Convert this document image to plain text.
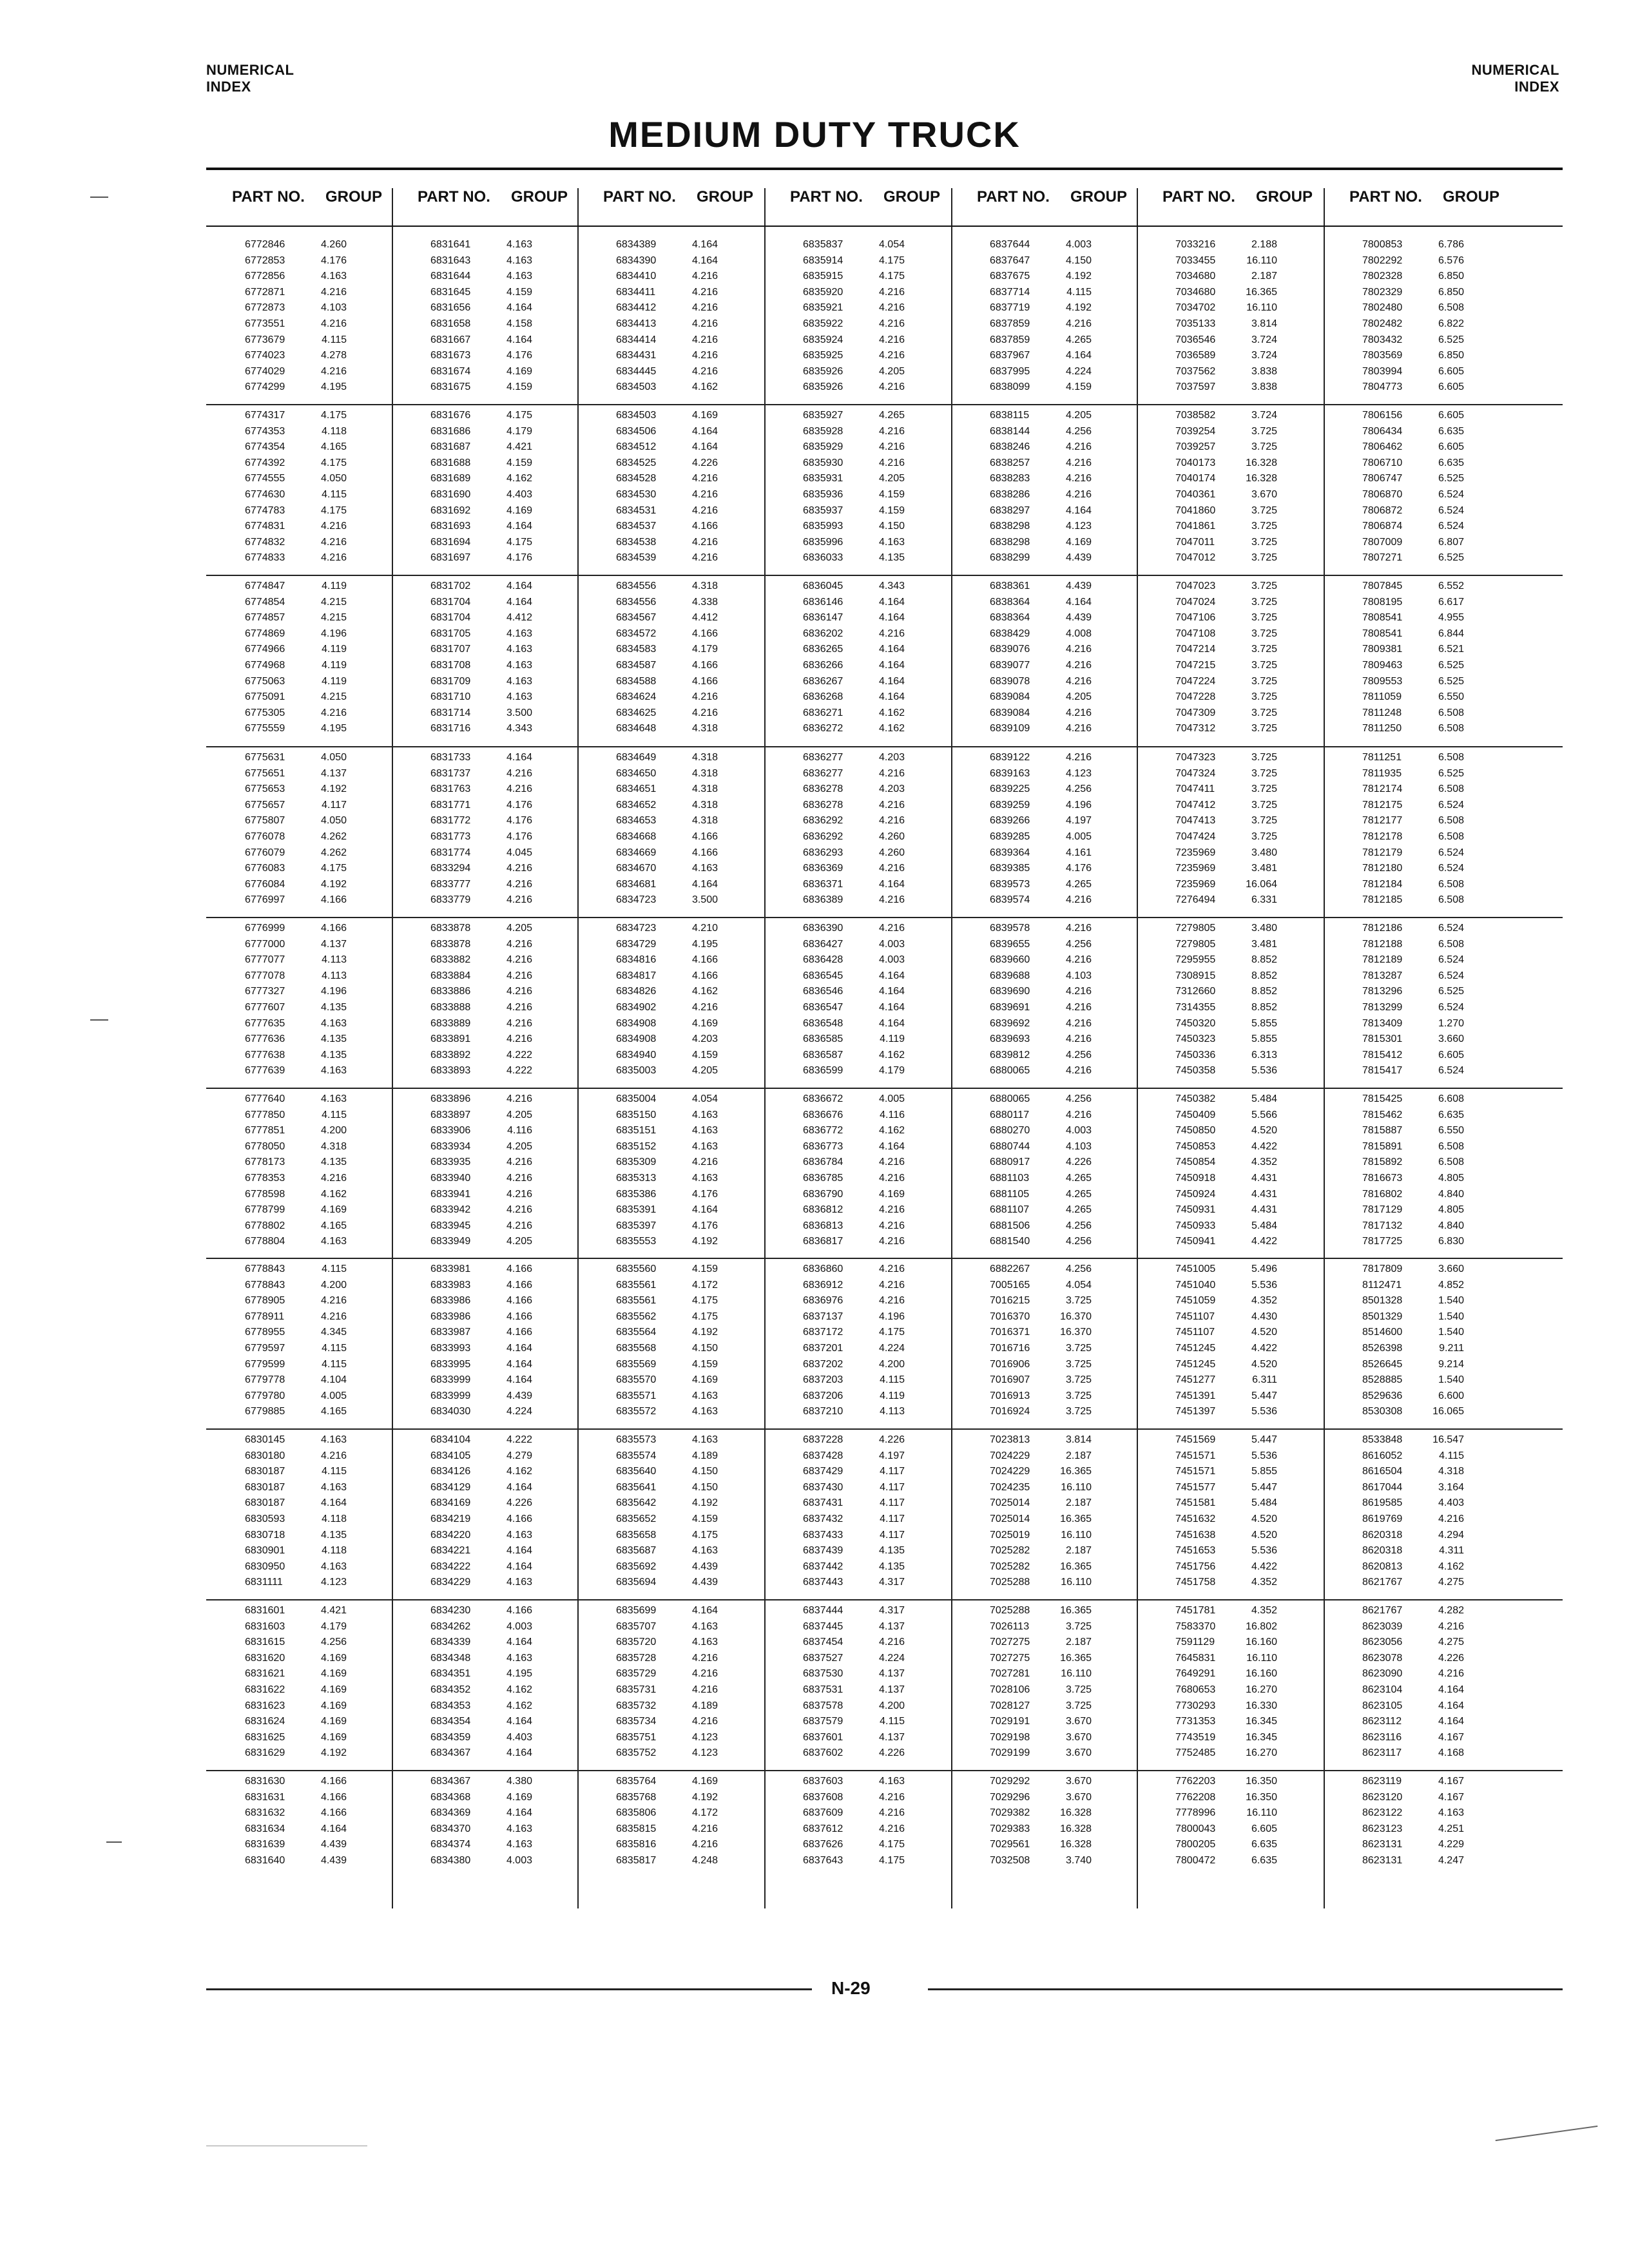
NUMERICAL
INDEX
NUMERICAL
INDEX
MEDIUM DUTY TRUCK
PART NO. GROUP PART NO. GROUP PART NO. GROUP PART NO. GROUP PART NO. GROUP PART NO. GROUP PART NO. GROUP
6772846	4.260
6772853	4.176
6772856	4.163
6772871	4.216
6772873	4.103
6773551	4.216
6773679	4.115
6774023	4.278
6774029	4.216
6774299	4.195
6774317	4.175
6774353	4.118
6774354	4.165
6774392	4.175
6774555	4.050
6774630	4.115
6774783	4.175
6774831	4.216
6774832	4.216
6774833	4.216
6774847	4.119
6774854	4.215
6774857	4.215
6774869	4.196
6774966	4.119
6774968	4.119
6775063	4.119
6775091	4.215
6775305	4.216
6775559	4.195
6775631	4.050
6775651	4.137
6775653	4.192
6775657	4.117
6775807	4.050
6776078	4.262
6776079	4.262
6776083	4.175
6776084	4.192
6776997	4.166
6776999	4.166
6777000	4.137
6777077	4.113
6777078	4.113
6777327	4.196
6777607	4.135
6777635	4.163
6777636	4.135
6777638	4.135
6777639	4.163
6777640	4.163
6777850	4.115
6777851	4.200
6778050	4.318
6778173	4.135
6778353	4.216
6778598	4.162
6778799	4.169
6778802	4.165
6778804	4.163
6778843	4.115
6778843	4.200
6778905	4.216
6778911	4.216
6778955	4.345
6779597	4.115
6779599	4.115
6779778	4.104
6779780	4.005
6779885	4.165
6830145	4.163
6830180	4.216
6830187	4.115
6830187	4.163
6830187	4.164
6830593	4.118
6830718	4.135
6830901	4.118
6830950	4.163
6831111	4.123
6831601	4.421
6831603	4.179
6831615	4.256
6831620	4.169
6831621	4.169
6831622	4.169
6831623	4.169
6831624	4.169
6831625	4.169
6831629	4.192
6831630	4.166
6831631	4.166
6831632	4.166
6831634	4.164
6831639	4.439
6831640	4.439
6831641	4.163
6831643	4.163
6831644	4.163
6831645	4.159
6831656	4.164
6831658	4.158
6831667	4.164
6831673	4.176
6831674	4.169
6831675	4.159
6831676	4.175
6831686	4.179
6831687	4.421
6831688	4.159
6831689	4.162
6831690	4.403
6831692	4.169
6831693	4.164
6831694	4.175
6831697	4.176
6831702	4.164
6831704	4.164
6831704	4.412
6831705	4.163
6831707	4.163
6831708	4.163
6831709	4.163
6831710	4.163
6831714	3.500
6831716	4.343
6831733	4.164
6831737	4.216
6831763	4.216
6831771	4.176
6831772	4.176
6831773	4.176
6831774	4.045
6833294	4.216
6833777	4.216
6833779	4.216
6833878	4.205
6833878	4.216
6833882	4.216
6833884	4.216
6833886	4.216
6833888	4.216
6833889	4.216
6833891	4.216
6833892	4.222
6833893	4.222
6833896	4.216
6833897	4.205
6833906	4.116
6833934	4.205
6833935	4.216
6833940	4.216
6833941	4.216
6833942	4.216
6833945	4.216
6833949	4.205
6833981	4.166
6833983	4.166
6833986	4.166
6833986	4.166
6833987	4.166
6833993	4.164
6833995	4.164
6833999	4.164
6833999	4.439
6834030	4.224
6834104	4.222
6834105	4.279
6834126	4.162
6834129	4.164
6834169	4.226
6834219	4.166
6834220	4.163
6834221	4.164
6834222	4.164
6834229	4.163
6834230	4.166
6834262	4.003
6834339	4.164
6834348	4.163
6834351	4.195
6834352	4.162
6834353	4.162
6834354	4.164
6834359	4.403
6834367	4.164
6834367	4.380
6834368	4.169
6834369	4.164
6834370	4.163
6834374	4.163
6834380	4.003
6834389	4.164
6834390	4.164
6834410	4.216
6834411	4.216
6834412	4.216
6834413	4.216
6834414	4.216
6834431	4.216
6834445	4.216
6834503	4.162
6834503	4.169
6834506	4.164
6834512	4.164
6834525	4.226
6834528	4.216
6834530	4.216
6834531	4.216
6834537	4.166
6834538	4.216
6834539	4.216
6834556	4.318
6834556	4.338
6834567	4.412
6834572	4.166
6834583	4.179
6834587	4.166
6834588	4.166
6834624	4.216
6834625	4.216
6834648	4.318
6834649	4.318
6834650	4.318
6834651	4.318
6834652	4.318
6834653	4.318
6834668	4.166
6834669	4.166
6834670	4.163
6834681	4.164
6834723	3.500
6834723	4.210
6834729	4.195
6834816	4.166
6834817	4.166
6834826	4.162
6834902	4.216
6834908	4.169
6834908	4.203
6834940	4.159
6835003	4.205
6835004	4.054
6835150	4.163
6835151	4.163
6835152	4.163
6835309	4.216
6835313	4.163
6835386	4.176
6835391	4.164
6835397	4.176
6835553	4.192
6835560	4.159
6835561	4.172
6835561	4.175
6835562	4.175
6835564	4.192
6835568	4.150
6835569	4.159
6835570	4.169
6835571	4.163
6835572	4.163
6835573	4.163
6835574	4.189
6835640	4.150
6835641	4.150
6835642	4.192
6835652	4.159
6835658	4.175
6835687	4.163
6835692	4.439
6835694	4.439
6835699	4.164
6835707	4.163
6835720	4.163
6835728	4.216
6835729	4.216
6835731	4.216
6835732	4.189
6835734	4.216
6835751	4.123
6835752	4.123
6835764	4.169
6835768	4.192
6835806	4.172
6835815	4.216
6835816	4.216
6835817	4.248
6835837	4.054
6835914	4.175
6835915	4.175
6835920	4.216
6835921	4.216
6835922	4.216
6835924	4.216
6835925	4.216
6835926	4.205
6835926	4.216
6835927	4.265
6835928	4.216
6835929	4.216
6835930	4.216
6835931	4.205
6835936	4.159
6835937	4.159
6835993	4.150
6835996	4.163
6836033	4.135
6836045	4.343
6836146	4.164
6836147	4.164
6836202	4.216
6836265	4.164
6836266	4.164
6836267	4.164
6836268	4.164
6836271	4.162
6836272	4.162
6836277	4.203
6836277	4.216
6836278	4.203
6836278	4.216
6836292	4.216
6836292	4.260
6836293	4.260
6836369	4.216
6836371	4.164
6836389	4.216
6836390	4.216
6836427	4.003
6836428	4.003
6836545	4.164
6836546	4.164
6836547	4.164
6836548	4.164
6836585	4.119
6836587	4.162
6836599	4.179
6836672	4.005
6836676	4.116
6836772	4.162
6836773	4.164
6836784	4.216
6836785	4.216
6836790	4.169
6836812	4.216
6836813	4.216
6836817	4.216
6836860	4.216
6836912	4.216
6836976	4.216
6837137	4.196
6837172	4.175
6837201	4.224
6837202	4.200
6837203	4.115
6837206	4.119
6837210	4.113
6837228	4.226
6837428	4.197
6837429	4.117
6837430	4.117
6837431	4.117
6837432	4.117
6837433	4.117
6837439	4.135
6837442	4.135
6837443	4.317
6837444	4.317
6837445	4.137
6837454	4.216
6837527	4.224
6837530	4.137
6837531	4.137
6837578	4.200
6837579	4.115
6837601	4.137
6837602	4.226
6837603	4.163
6837608	4.216
6837609	4.216
6837612	4.216
6837626	4.175
6837643	4.175
6837644	4.003
6837647	4.150
6837675	4.192
6837714	4.115
6837719	4.192
6837859	4.216
6837859	4.265
6837967	4.164
6837995	4.224
6838099	4.159
6838115	4.205
6838144	4.256
6838246	4.216
6838257	4.216
6838283	4.216
6838286	4.216
6838297	4.164
6838298	4.123
6838298	4.169
6838299	4.439
6838361	4.439
6838364	4.164
6838364	4.439
6838429	4.008
6839076	4.216
6839077	4.216
6839078	4.216
6839084	4.205
6839084	4.216
6839109	4.216
6839122	4.216
6839163	4.123
6839225	4.256
6839259	4.196
6839266	4.197
6839285	4.005
6839364	4.161
6839385	4.176
6839573	4.265
6839574	4.216
6839578	4.216
6839655	4.256
6839660	4.216
6839688	4.103
6839690	4.216
6839691	4.216
6839692	4.216
6839693	4.216
6839812	4.256
6880065	4.216
6880065	4.256
6880117	4.216
6880270	4.003
6880744	4.103
6880917	4.226
6881103	4.265
6881105	4.265
6881107	4.265
6881506	4.256
6881540	4.256
6882267	4.256
7005165	4.054
7016215	3.725
7016370	16.370
7016371	16.370
7016716	3.725
7016906	3.725
7016907	3.725
7016913	3.725
7016924	3.725
7023813	3.814
7024229	2.187
7024229	16.365
7024235	16.110
7025014	2.187
7025014	16.365
7025019	16.110
7025282	2.187
7025282	16.365
7025288	16.110
7025288	16.365
7026113	3.725
7027275	2.187
7027275	16.365
7027281	16.110
7028106	3.725
7028127	3.725
7029191	3.670
7029198	3.670
7029199	3.670
7029292	3.670
7029296	3.670
7029382	16.328
7029383	16.328
7029561	16.328
7032508	3.740
7033216	2.188
7033455	16.110
7034680	2.187
7034680	16.365
7034702	16.110
7035133	3.814
7036546	3.724
7036589	3.724
7037562	3.838
7037597	3.838
7038582	3.724
7039254	3.725
7039257	3.725
7040173	16.328
7040174	16.328
7040361	3.670
7041860	3.725
7041861	3.725
7047011	3.725
7047012	3.725
7047023	3.725
7047024	3.725
7047106	3.725
7047108	3.725
7047214	3.725
7047215	3.725
7047224	3.725
7047228	3.725
7047309	3.725
7047312	3.725
7047323	3.725
7047324	3.725
7047411	3.725
7047412	3.725
7047413	3.725
7047424	3.725
7235969	3.480
7235969	3.481
7235969	16.064
7276494	6.331
7279805	3.480
7279805	3.481
7295955	8.852
7308915	8.852
7312660	8.852
7314355	8.852
7450320	5.855
7450323	5.855
7450336	6.313
7450358	5.536
7450382	5.484
7450409	5.566
7450850	4.520
7450853	4.422
7450854	4.352
7450918	4.431
7450924	4.431
7450931	4.431
7450933	5.484
7450941	4.422
7451005	5.496
7451040	5.536
7451059	4.352
7451107	4.430
7451107	4.520
7451245	4.422
7451245	4.520
7451277	6.311
7451391	5.447
7451397	5.536
7451569	5.447
7451571	5.536
7451571	5.855
7451577	5.447
7451581	5.484
7451632	4.520
7451638	4.520
7451653	5.536
7451756	4.422
7451758	4.352
7451781	4.352
7583370	16.802
7591129	16.160
7645831	16.110
7649291	16.160
7680653	16.270
7730293	16.330
7731353	16.345
7743519	16.345
7752485	16.270
7762203	16.350
7762208	16.350
7778996	16.110
7800043	6.605
7800205	6.635
7800472	6.635
7800853	6.786
7802292	6.576
7802328	6.850
7802329	6.850
7802480	6.508
7802482	6.822
7803432	6.525
7803569	6.850
7803994	6.605
7804773	6.605
7806156	6.605
7806434	6.635
7806462	6.605
7806710	6.635
7806747	6.525
7806870	6.524
7806872	6.524
7806874	6.524
7807009	6.807
7807271	6.525
7807845	6.552
7808195	6.617
7808541	4.955
7808541	6.844
7809381	6.521
7809463	6.525
7809553	6.525
7811059	6.550
7811248	6.508
7811250	6.508
7811251	6.508
7811935	6.525
7812174	6.508
7812175	6.524
7812177	6.508
7812178	6.508
7812179	6.524
7812180	6.524
7812184	6.508
7812185	6.508
7812186	6.524
7812188	6.508
7812189	6.524
7813287	6.524
7813296	6.525
7813299	6.524
7813409	1.270
7815301	3.660
7815412	6.605
7815417	6.524
7815425	6.608
7815462	6.635
7815887	6.550
7815891	6.508
7815892	6.508
7816673	4.805
7816802	4.840
7817129	4.805
7817132	4.840
7817725	6.830
7817809	3.660
8112471	4.852
8501328	1.540
8501329	1.540
8514600	1.540
8526398	9.211
8526645	9.214
8528885	1.540
8529636	6.600
8530308	16.065
8533848	16.547
8616052	4.115
8616504	4.318
8617044	3.164
8619585	4.403
8619769	4.216
8620318	4.294
8620318	4.311
8620813	4.162
8621767	4.275
8621767	4.282
8623039	4.216
8623056	4.275
8623078	4.226
8623090	4.216
8623104	4.164
8623105	4.164
8623112	4.164
8623116	4.167
8623117	4.168
8623119	4.167
8623120	4.167
8623122	4.163
8623123	4.251
8623131	4.229
8623131	4.247
N-29
